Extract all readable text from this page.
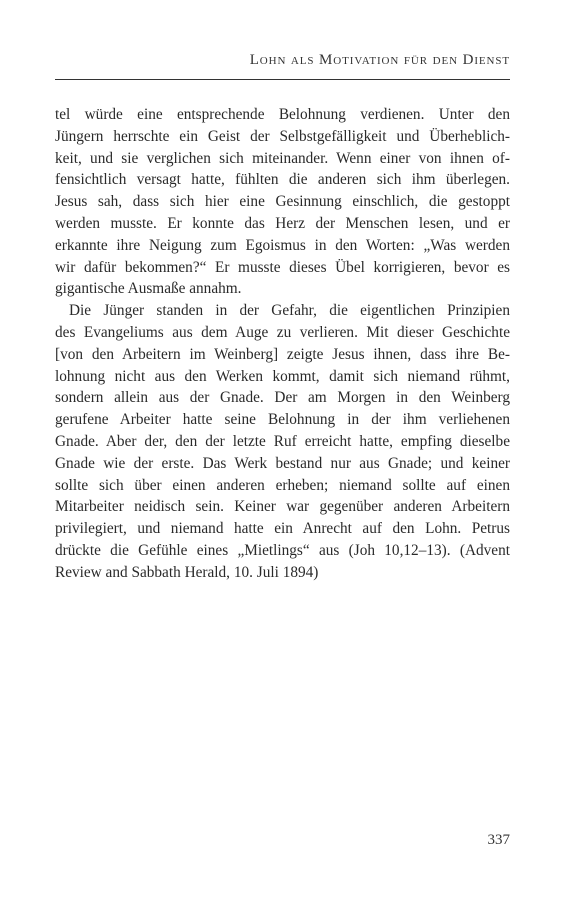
Lohn als Motivation für den Dienst
tel würde eine entsprechende Belohnung verdienen. Unter den
Jüngern herrschte ein Geist der Selbstgefälligkeit und Überheblich-
keit, und sie verglichen sich miteinander. Wenn einer von ihnen of-
fensichtlich versagt hatte, fühlten die anderen sich ihm überlegen.
Jesus sah, dass sich hier eine Gesinnung einschlich, die gestoppt
werden musste. Er konnte das Herz der Menschen lesen, und er
erkannte ihre Neigung zum Egoismus in den Worten: „Was werden
wir dafür bekommen?“ Er musste dieses Übel korrigieren, bevor es
gigantische Ausmaße annahm.
Die Jünger standen in der Gefahr, die eigentlichen Prinzipien
des Evangeliums aus dem Auge zu verlieren. Mit dieser Geschichte
[von den Arbeitern im Weinberg] zeigte Jesus ihnen, dass ihre Be-
lohnung nicht aus den Werken kommt, damit sich niemand rühmt,
sondern allein aus der Gnade. Der am Morgen in den Weinberg
gerufene Arbeiter hatte seine Belohnung in der ihm verliehenen
Gnade. Aber der, den der letzte Ruf erreicht hatte, empfing dieselbe
Gnade wie der erste. Das Werk bestand nur aus Gnade; und keiner
sollte sich über einen anderen erheben; niemand sollte auf einen
Mitarbeiter neidisch sein. Keiner war gegenüber anderen Arbeitern
privilegiert, und niemand hatte ein Anrecht auf den Lohn. Petrus
drückte die Gefühle eines „Mietlings“ aus (Joh 10,12–13). (Advent
Review and Sabbath Herald, 10. Juli 1894)
337
